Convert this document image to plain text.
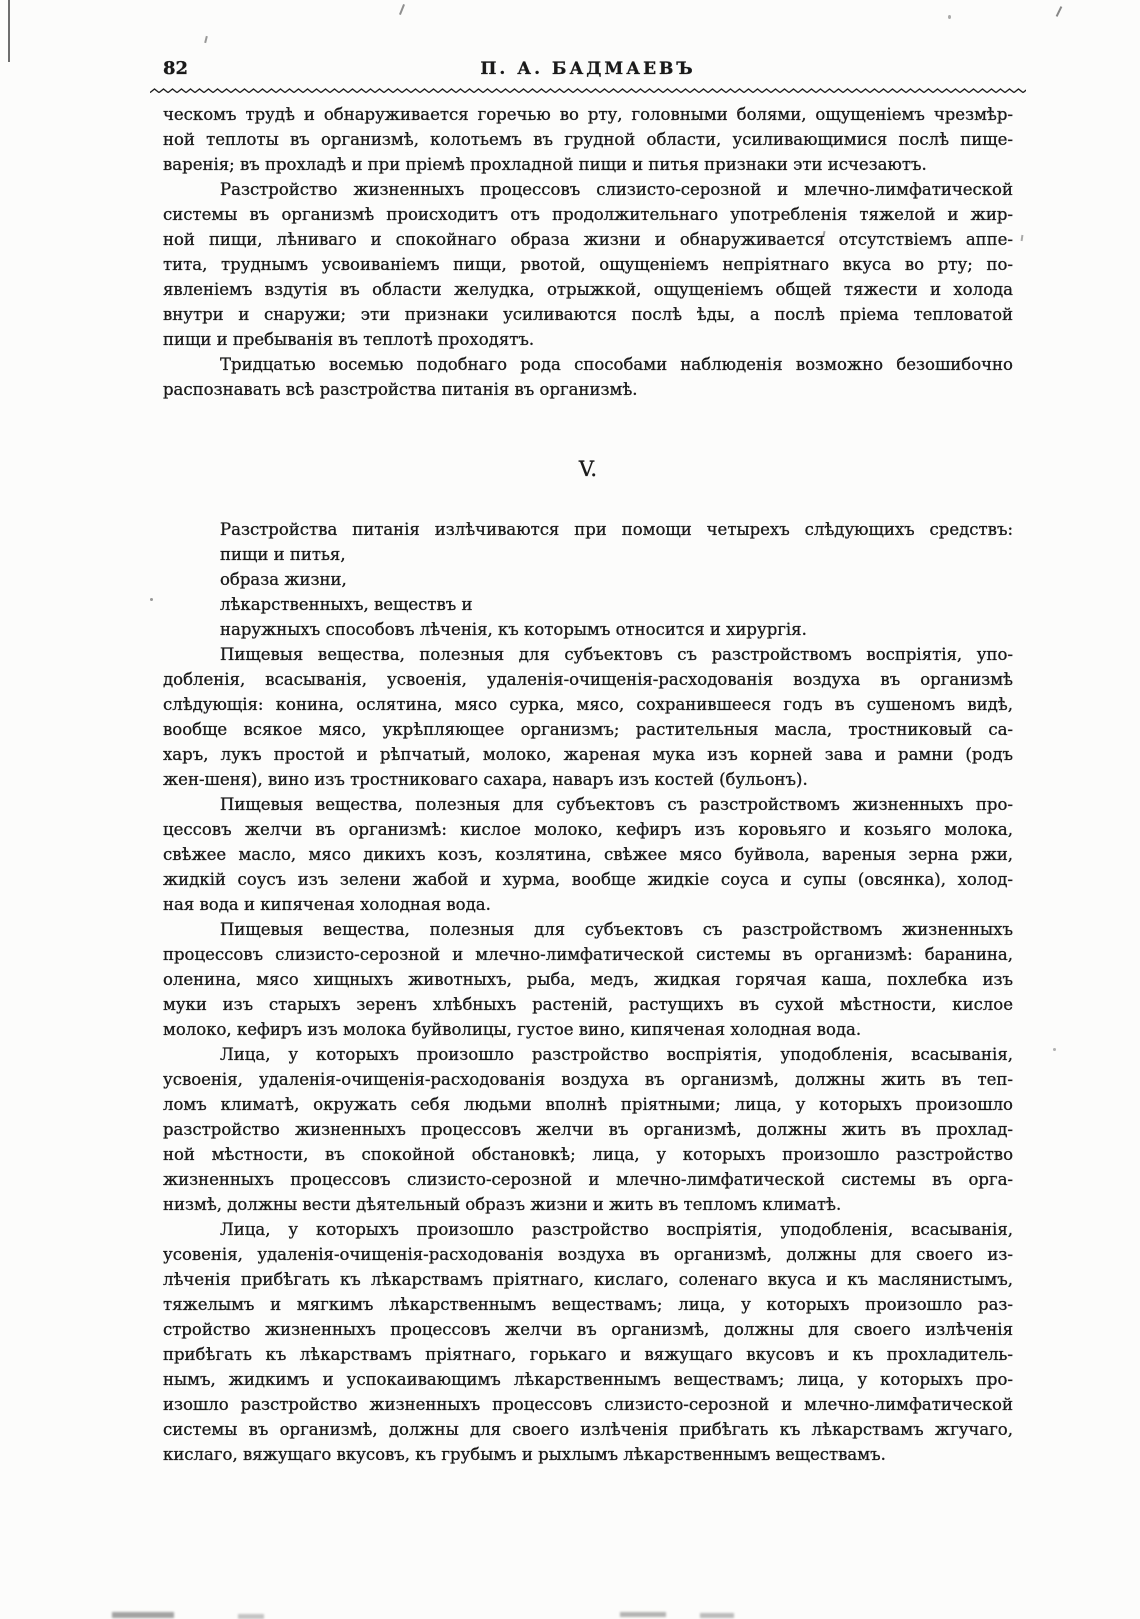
82	П. А. БАДМАЕВЪ
ческомъ трудѣ и обнаруживается горечью во рту, головными болями, ощущеніемъ чрезмѣр-
ной теплоты въ организмѣ, колотьемъ въ грудной области, усиливающимися послѣ пище-
варенія; въ прохладѣ и при пріемѣ прохладной пищи и питья признаки эти исчезаютъ.
Разстройство жизненныхъ процессовъ слизисто-серозной и млечно-лимфатической
системы въ организмѣ происходитъ отъ продолжительнаго употребленія тяжелой и жир-
ной пищи, лѣниваго и спокойнаго образа жизни и обнаруживается отсутствіемъ аппе-
тита, труднымъ усвоиваніемъ пищи, рвотой, ощущеніемъ непріятнаго вкуса во рту; по-
явленіемъ вздутія въ области желудка, отрыжкой, ощущеніемъ общей тяжести и холода
внутри и снаружи; эти признаки усиливаются послѣ ѣды, а послѣ пріема тепловатой
пищи и пребыванія въ теплотѣ проходятъ.
Тридцатью восемью подобнаго рода способами наблюденія возможно безошибочно
распознавать всѣ разстройства питанія въ организмѣ.
V.
Разстройства питанія излѣчиваются при помощи четырехъ слѣдующихъ средствъ:
пищи и питья,
образа жизни,
лѣкарственныхъ, веществъ и
наружныхъ способовъ лѣченія, къ которымъ относится и хирургія.
Пищевыя вещества, полезныя для субъектовъ съ разстройствомъ воспріятія, упо-
добленія, всасыванія, усвоенія, удаленія-очищенія-расходованія воздуха въ организмѣ
слѣдующія: конина, ослятина, мясо сурка, мясо, сохранившееся годъ въ сушеномъ видѣ,
вообще всякое мясо, укрѣпляющее организмъ; растительныя масла, тростниковый са-
харъ, лукъ простой и рѣпчатый, молоко, жареная мука изъ корней зава и рамни (родъ
жен-шеня), вино изъ тростниковаго сахара, наваръ изъ костей (бульонъ).
Пищевыя вещества, полезныя для субъектовъ съ разстройствомъ жизненныхъ про-
цессовъ желчи въ организмѣ: кислое молоко, кефиръ изъ коровьяго и козьяго молока,
свѣжее масло, мясо дикихъ козъ, козлятина, свѣжее мясо буйвола, вареныя зерна ржи,
жидкій соусъ изъ зелени жабой и хурма, вообще жидкіе соуса и супы (овсянка), холод-
ная вода и кипяченая холодная вода.
Пищевыя вещества, полезныя для субъектовъ съ разстройствомъ жизненныхъ
процессовъ слизисто-серозной и млечно-лимфатической системы въ организмѣ: баранина,
оленина, мясо хищныхъ животныхъ, рыба, медъ, жидкая горячая каша, похлебка изъ
муки изъ старыхъ зеренъ хлѣбныхъ растеній, растущихъ въ сухой мѣстности, кислое
молоко, кефиръ изъ молока буйволицы, густое вино, кипяченая холодная вода.
Лица, у которыхъ произошло разстройство воспріятія, уподобленія, всасыванія,
усвоенія, удаленія-очищенія-расходованія воздуха въ организмѣ, должны жить въ теп-
ломъ климатѣ, окружать себя людьми вполнѣ пріятными; лица, у которыхъ произошло
разстройство жизненныхъ процессовъ желчи въ организмѣ, должны жить въ прохлад-
ной мѣстности, въ спокойной обстановкѣ; лица, у которыхъ произошло разстройство
жизненныхъ процессовъ слизисто-серозной и млечно-лимфатической системы въ орга-
низмѣ, должны вести дѣятельный образъ жизни и жить въ тепломъ климатѣ.
Лица, у которыхъ произошло разстройство воспріятія, уподобленія, всасыванія,
усовенія, удаленія-очищенія-расходованія воздуха въ организмѣ, должны для своего из-
лѣченія прибѣгать къ лѣкарствамъ пріятнаго, кислаго, соленаго вкуса и къ маслянистымъ,
тяжелымъ и мягкимъ лѣкарственнымъ веществамъ; лица, у которыхъ произошло раз-
стройство жизненныхъ процессовъ желчи въ организмѣ, должны для своего излѣченія
прибѣгать къ лѣкарствамъ пріятнаго, горькаго и вяжущаго вкусовъ и къ прохладитель-
нымъ, жидкимъ и успокаивающимъ лѣкарственнымъ веществамъ; лица, у которыхъ про-
изошло разстройство жизненныхъ процессовъ слизисто-серозной и млечно-лимфатической
системы въ организмѣ, должны для своего излѣченія прибѣгать къ лѣкарствамъ жгучаго,
кислаго, вяжущаго вкусовъ, къ грубымъ и рыхлымъ лѣкарственнымъ веществамъ.
